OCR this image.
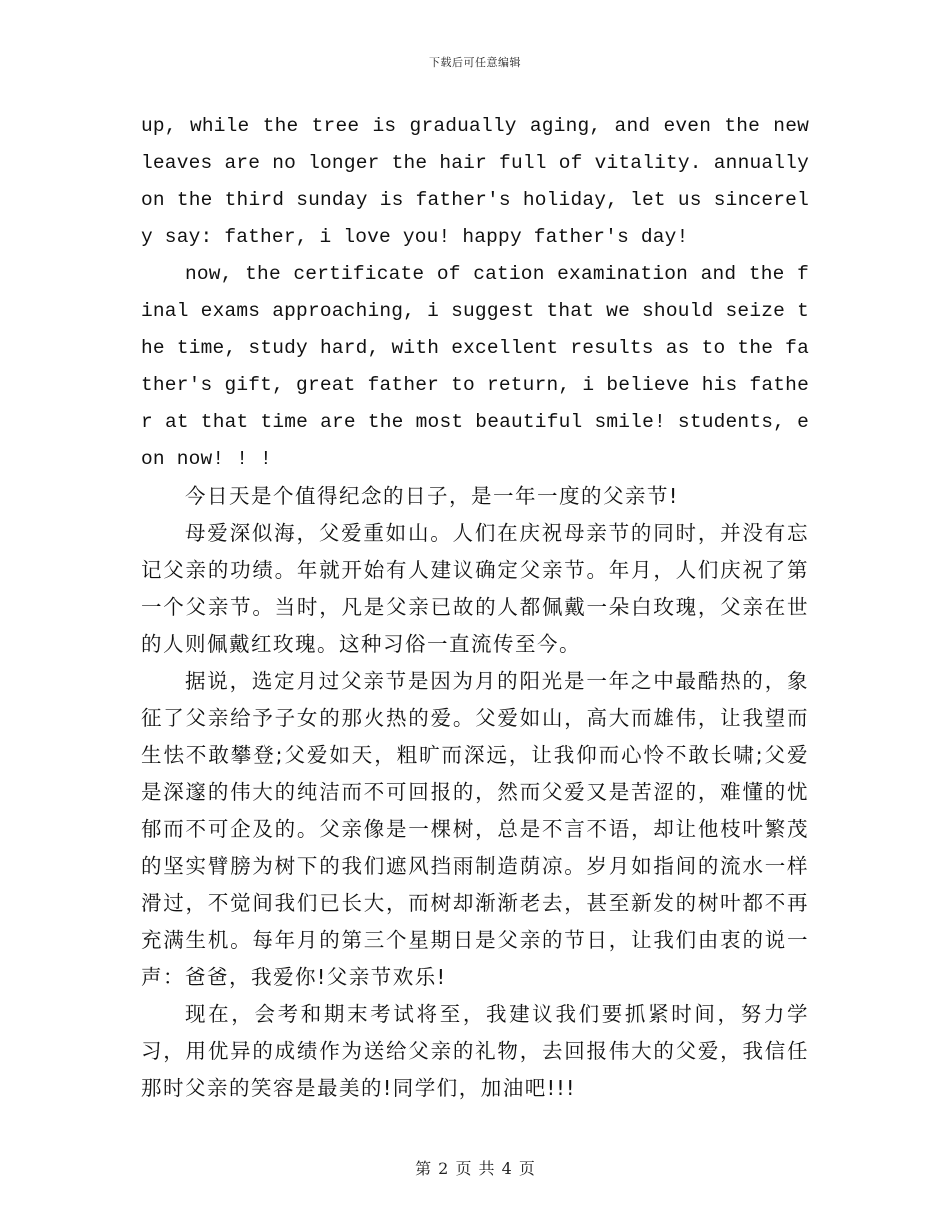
下载后可任意编辑

up, while the tree is gradually aging, and even the new leaves are no longer the hair full of vitality. annually on the third sunday is father's holiday, let us sincerely say: father, i love you! happy father's day!

now, the certificate of cation examination and the final exams approaching, i suggest that we should seize the time, study hard, with excellent results as to the father's gift, great father to return, i believe his father at that time are the most beautiful smile! students, e on now! ! !

今日天是个值得纪念的日子，是一年一度的父亲节!

母爱深似海，父爱重如山。人们在庆祝母亲节的同时，并没有忘记父亲的功绩。年就开始有人建议确定父亲节。年月，人们庆祝了第一个父亲节。当时，凡是父亲已故的人都佩戴一朵白玫瑰，父亲在世的人则佩戴红玫瑰。这种习俗一直流传至今。

据说，选定月过父亲节是因为月的阳光是一年之中最酷热的，象征了父亲给予子女的那火热的爱。父爱如山，高大而雄伟，让我望而生怯不敢攀登;父爱如天，粗旷而深远，让我仰而心怜不敢长啸;父爱是深邃的伟大的纯洁而不可回报的，然而父爱又是苦涩的，难懂的忧郁而不可企及的。父亲像是一棵树，总是不言不语，却让他枝叶繁茂的坚实臂膀为树下的我们遮风挡雨制造荫凉。岁月如指间的流水一样滑过，不觉间我们已长大，而树却渐渐老去，甚至新发的树叶都不再充满生机。每年月的第三个星期日是父亲的节日，让我们由衷的说一声：爸爸，我爱你!父亲节欢乐!

现在，会考和期末考试将至，我建议我们要抓紧时间，努力学习，用优异的成绩作为送给父亲的礼物，去回报伟大的父爱，我信任那时父亲的笑容是最美的!同学们，加油吧!!!

第 2 页 共 4 页
